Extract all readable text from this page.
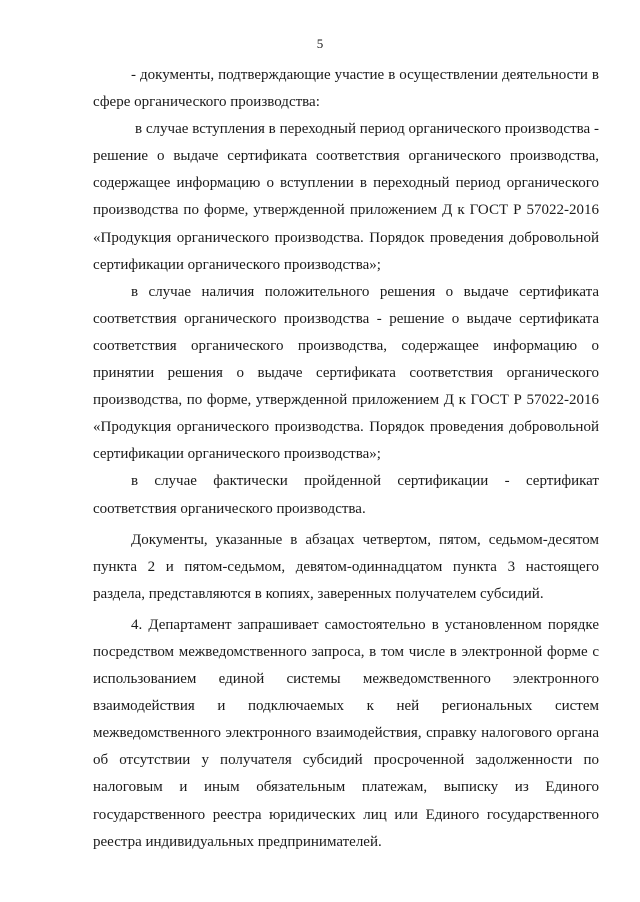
5

- документы, подтверждающие участие в осуществлении деятельности в сфере органического производства:

в случае вступления в переходный период органического производства - решение о выдаче сертификата соответствия органического производства, содержащее информацию о вступлении в переходный период органического производства по форме, утвержденной приложением Д к ГОСТ Р 57022-2016 «Продукция органического производства. Порядок проведения добровольной сертификации органического производства»;

в случае наличия положительного решения о выдаче сертификата соответствия органического производства - решение о выдаче сертификата соответствия органического производства, содержащее информацию о принятии решения о выдаче сертификата соответствия органического производства, по форме, утвержденной приложением Д к ГОСТ Р 57022-2016 «Продукция органического производства. Порядок проведения добровольной сертификации органического производства»;

в случае фактически пройденной сертификации - сертификат соответствия органического производства.

Документы, указанные в абзацах четвертом, пятом, седьмом-десятом пункта 2 и пятом-седьмом, девятом-одиннадцатом пункта 3 настоящего раздела, представляются в копиях, заверенных получателем субсидий.

4. Департамент запрашивает самостоятельно в установленном порядке посредством межведомственного запроса, в том числе в электронной форме с использованием единой системы межведомственного электронного взаимодействия и подключаемых к ней региональных систем межведомственного электронного взаимодействия, справку налогового органа об отсутствии у получателя субсидий просроченной задолженности по налоговым и иным обязательным платежам, выписку из Единого государственного реестра юридических лиц или Единого государственного реестра индивидуальных предпринимателей.
